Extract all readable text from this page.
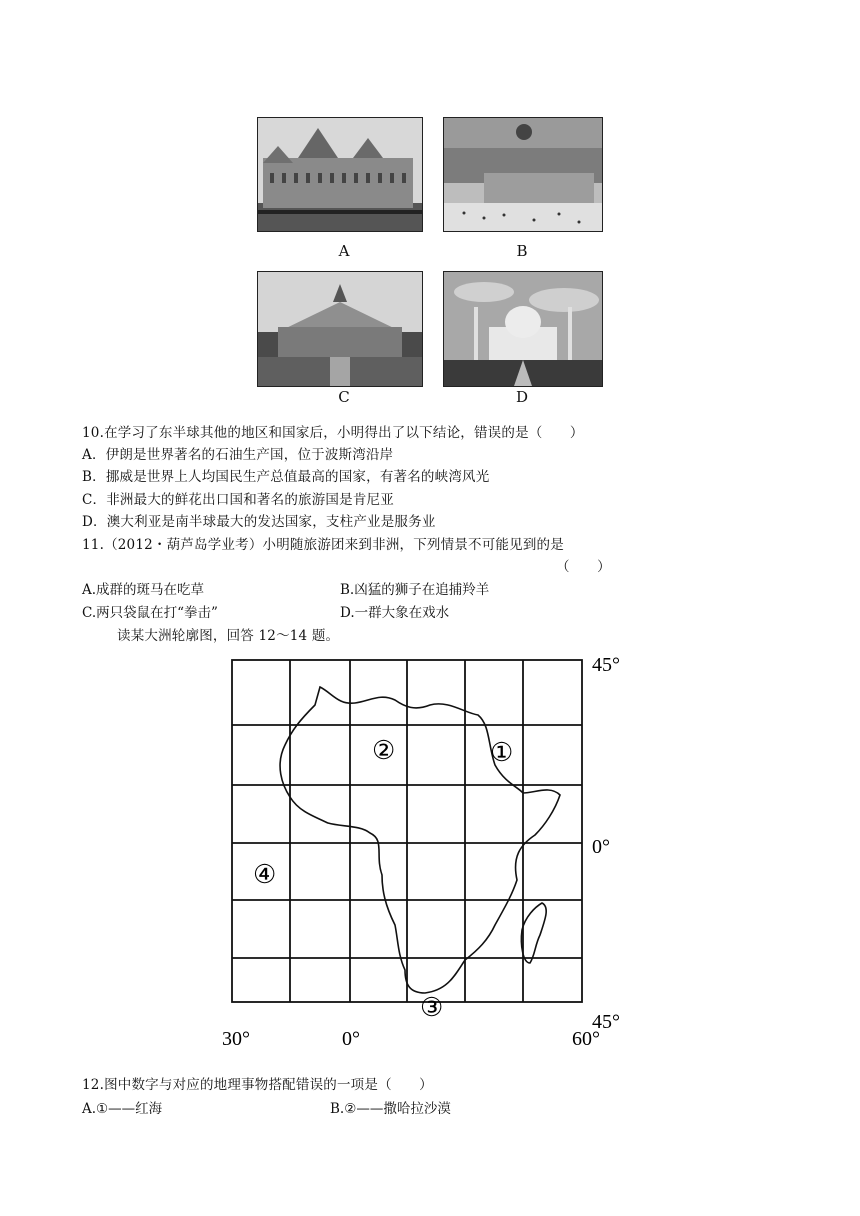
A	B
C	D
10.在学习了东半球其他的地区和国家后，小明得出了以下结论，错误的是（　　）
A．伊朗是世界著名的石油生产国，位于波斯湾沿岸
B．挪威是世界上人均国民生产总值最高的国家，有著名的峡湾风光
C．非洲最大的鲜花出口国和著名的旅游国是肯尼亚
D．澳大利亚是南半球最大的发达国家，支柱产业是服务业
11.（2012・葫芦岛学业考）小明随旅游团来到非洲，下列情景不可能见到的是
（　　）
A.成群的斑马在吃草	B.凶猛的狮子在追捕羚羊
C.两只袋鼠在打“拳击”	D.一群大象在戏水
读某大洲轮廓图，回答 12～14 题。
45°
0°
45°
30°	0°	60°
①
②
③
④
12.图中数字与对应的地理事物搭配错误的一项是（　　）
A.①——红海	B.②——撒哈拉沙漠
